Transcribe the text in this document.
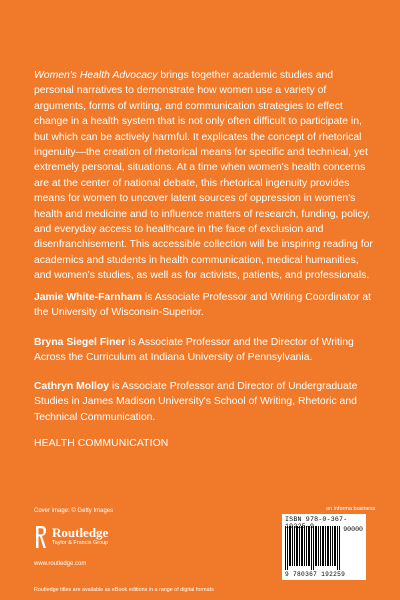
Women's Health Advocacy brings together academic studies and personal narratives to demonstrate how women use a variety of arguments, forms of writing, and communication strategies to effect change in a health system that is not only often difficult to participate in, but which can be actively harmful. It explicates the concept of rhetorical ingenuity—the creation of rhetorical means for specific and technical, yet extremely personal, situations. At a time when women's health concerns are at the center of national debate, this rhetorical ingenuity provides means for women to uncover latent sources of oppression in women's health and medicine and to influence matters of research, funding, policy, and everyday access to healthcare in the face of exclusion and disenfranchisement. This accessible collection will be inspiring reading for academics and students in health communication, medical humanities, and women's studies, as well as for activists, patients, and professionals.
Jamie White-Farnham is Associate Professor and Writing Coordinator at the University of Wisconsin-Superior.
Bryna Siegel Finer is Associate Professor and the Director of Writing Across the Curriculum at Indiana University of Pennsylvania.
Cathryn Molloy is Associate Professor and Director of Undergraduate Studies in James Madison University's School of Writing, Rhetoric and Technical Communication.
HEALTH COMMUNICATION
Cover image: © Getty Images
Routledge
Taylor & Francis Group
www.routledge.com
Routledge titles are available as eBook editions in a range of digital formats
an informa business
ISBN 978-0-367- 9225-9	90000
9 780367 192259
